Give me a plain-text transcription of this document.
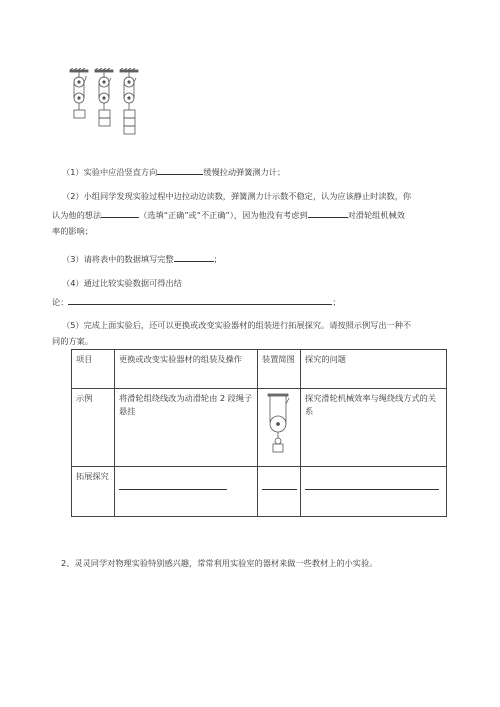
（1）实验中应沿竖直方向	缓慢拉动弹簧测力计；
（2）小组同学发现实验过程中边拉动边读数，弹簧测力计示数不稳定，认为应该静止时读数，你
认为他的想法	（选填“正确”或“不正确”），因为他没有考虑到	对滑轮组机械效
率的影响；
（3）请将表中的数据填写完整	；
（4）通过比较实验数据可得出结
论：	；
（5）完成上面实验后，还可以更换或改变实验器材的组装进行拓展探究。请按照示例写出一种不
同的方案。
项目	更换或改变实验器材的组装及操作	装置简图	探究的问题
示例	将滑轮组绕线改为动滑轮由 2 段绳子悬挂		探究滑轮机械效率与绳绕线方式的关系
拓展探究	

2、灵灵同学对物理实验特别感兴趣，常常利用实验室的器材来做一些教材上的小实验。
